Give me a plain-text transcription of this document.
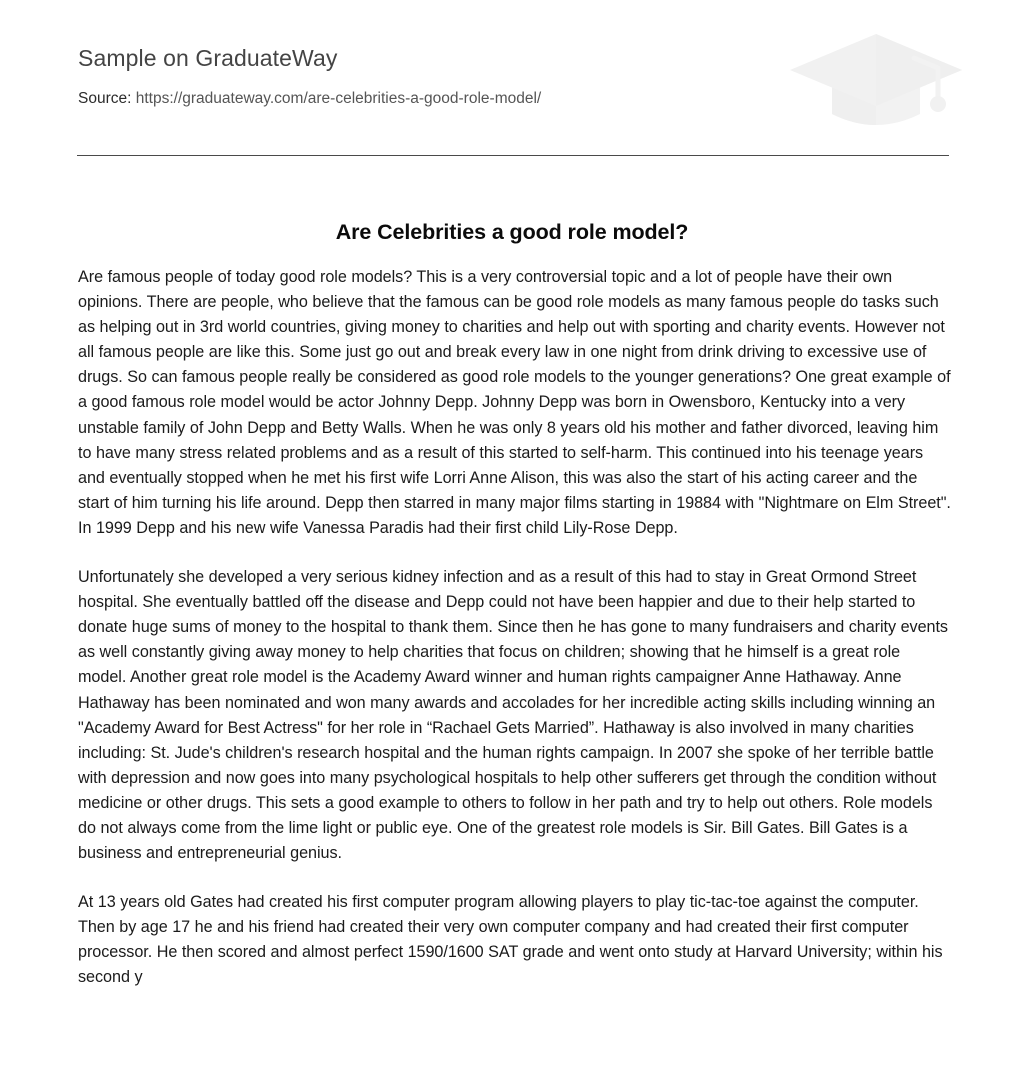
Sample on GraduateWay
Source: https://graduateway.com/are-celebrities-a-good-role-model/
Are Celebrities a good role model?

Are famous people of today good role models? This is a very controversial topic and a lot of people have their own opinions. There are people, who believe that the famous can be good role models as many famous people do tasks such as helping out in 3rd world countries, giving money to charities and help out with sporting and charity events. However not all famous people are like this. Some just go out and break every law in one night from drink driving to excessive use of drugs. So can famous people really be considered as good role models to the younger generations? One great example of a good famous role model would be actor Johnny Depp. Johnny Depp was born in Owensboro, Kentucky into a very unstable family of John Depp and Betty Walls. When he was only 8 years old his mother and father divorced, leaving him to have many stress related problems and as a result of this started to self-harm. This continued into his teenage years and eventually stopped when he met his first wife Lorri Anne Alison, this was also the start of his acting career and the start of him turning his life around. Depp then starred in many major films starting in 19884 with "Nightmare on Elm Street". In 1999 Depp and his new wife Vanessa Paradis had their first child Lily-Rose Depp.

Unfortunately she developed a very serious kidney infection and as a result of this had to stay in Great Ormond Street hospital. She eventually battled off the disease and Depp could not have been happier and due to their help started to donate huge sums of money to the hospital to thank them. Since then he has gone to many fundraisers and charity events as well constantly giving away money to help charities that focus on children; showing that he himself is a great role model. Another great role model is the Academy Award winner and human rights campaigner Anne Hathaway. Anne Hathaway has been nominated and won many awards and accolades for her incredible acting skills including winning an "Academy Award for Best Actress" for her role in “Rachael Gets Married”. Hathaway is also involved in many charities including: St. Jude's children's research hospital and the human rights campaign. In 2007 she spoke of her terrible battle with depression and now goes into many psychological hospitals to help other sufferers get through the condition without medicine or other drugs. This sets a good example to others to follow in her path and try to help out others. Role models do not always come from the lime light or public eye. One of the greatest role models is Sir. Bill Gates. Bill Gates is a business and entrepreneurial genius.

At 13 years old Gates had created his first computer program allowing players to play tic-tac-toe against the computer. Then by age 17 he and his friend had created their very own computer company and had created their first computer processor. He then scored and almost perfect 1590/1600 SAT grade and went onto study at Harvard University; within his second y
